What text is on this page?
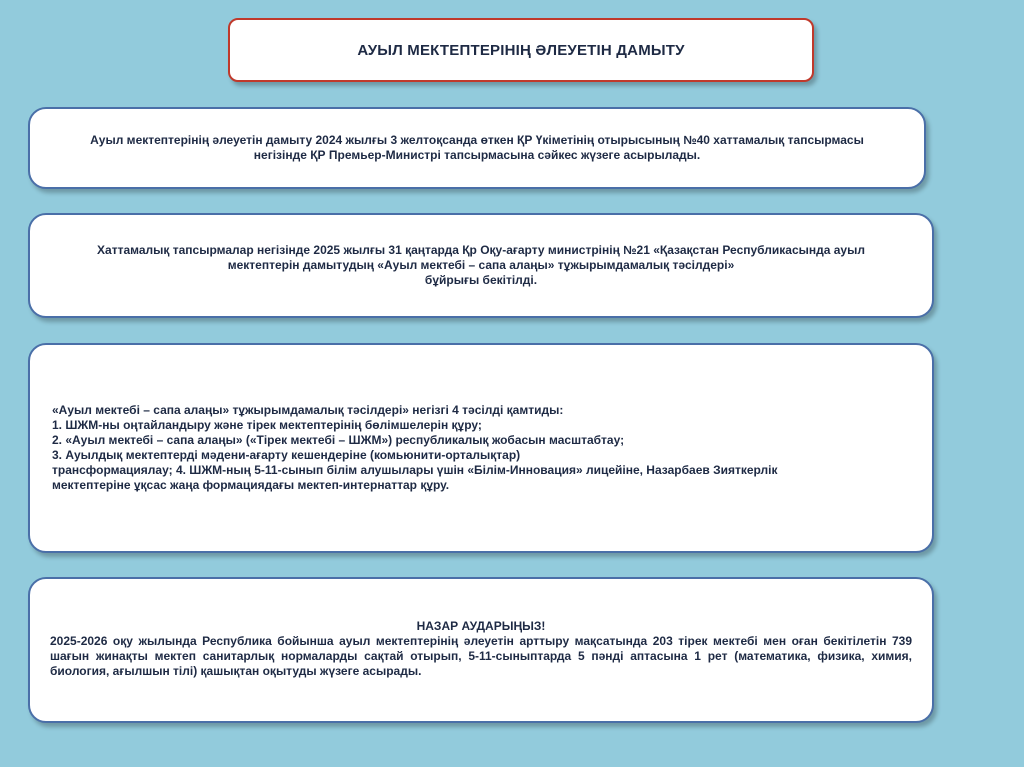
АУЫЛ МЕКТЕПТЕРІНІҢ ӘЛЕУЕТІН ДАМЫТУ
Ауыл мектептерінің әлеуетін дамыту 2024 жылғы 3 желтоқсанда өткен ҚР Үкіметінің отырысының №40 хаттамалық тапсырмасы
негізінде ҚР Премьер-Министрі тапсырмасына сәйкес жүзеге асырылады.
Хаттамалық тапсырмалар негізінде 2025 жылғы 31 қаңтарда Қр Оқу-ағарту министрінің №21 «Қазақстан Республикасында ауыл
мектептерін дамытудың «Ауыл мектебі – сапа алаңы» тұжырымдамалық тәсілдері»
бұйрығы бекітілді.
«Ауыл мектебі – сапа алаңы» тұжырымдамалық тәсілдері» негізгі 4 тәсілді қамтиды:
1. ШЖМ-ны оңтайландыру және тірек мектептерінің бөлімшелерін құру;
2. «Ауыл мектебі – сапа алаңы» («Тірек мектебі – ШЖМ») республикалық жобасын масштабтау;
3. Ауылдық мектептерді мәдени-ағарту кешендеріне (комьюнити-орталықтар)
трансформациялау; 4. ШЖМ-ның 5-11-сынып білім алушылары үшін «Білім-Инновация» лицейіне, Назарбаев Зияткерлік
мектептеріне ұқсас жаңа формациядағы мектеп-интернаттар құру.
НАЗАР АУДАРЫҢЫЗ!
2025-2026 оқу жылында Республика бойынша ауыл мектептерінің әлеуетін арттыру мақсатында 203 тірек мектебі мен оған бекітілетін 739 шағын жинақты мектеп санитарлық нормаларды сақтай отырып, 5-11-сыныптарда 5 пәнді аптасына 1 рет (математика, физика, химия, биология, ағылшын тілі) қашықтан оқытуды жүзеге асырады.
